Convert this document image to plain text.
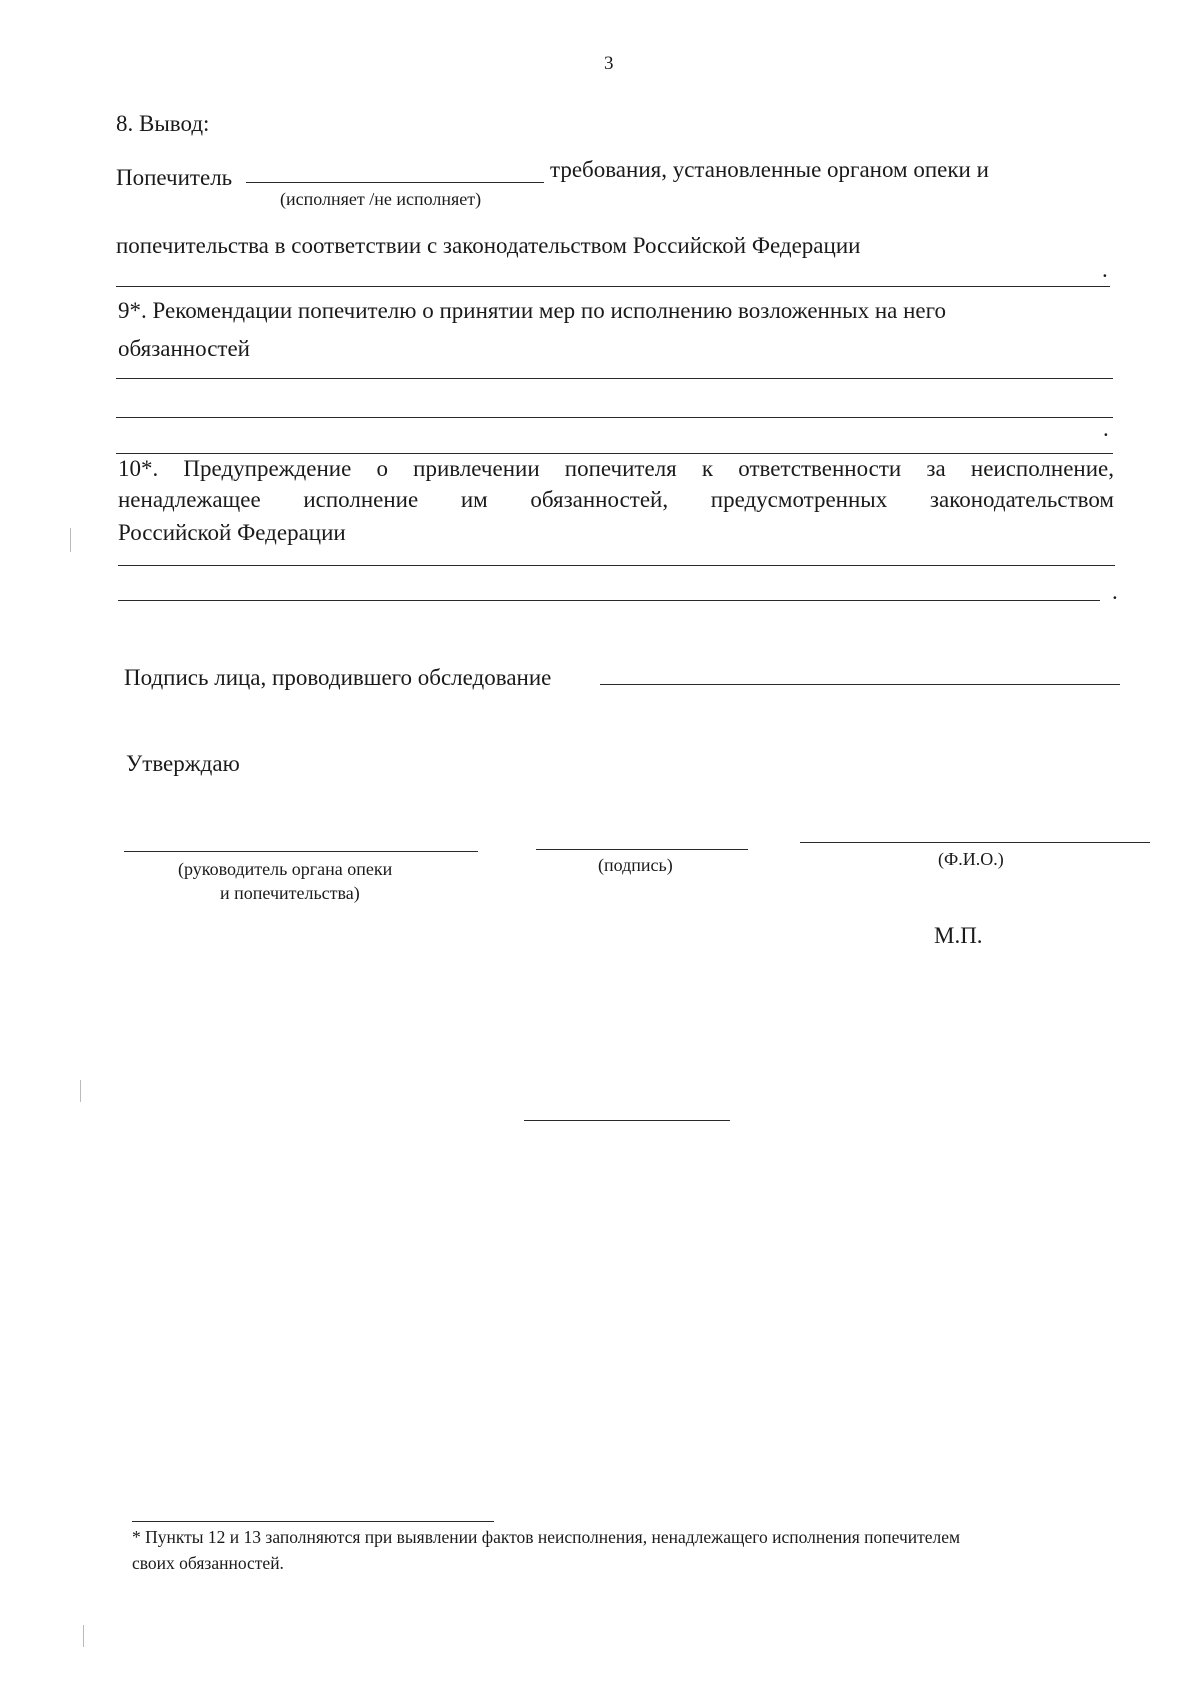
3
8. Вывод:
Попечитель	требования, установленные органом опеки и
(исполняет /не исполняет)
попечительства в соответствии с законодательством Российской Федерации
.
9*. Рекомендации попечителю о принятии мер по исполнению возложенных на него
обязанностей
.
10*. Предупреждение о привлечении попечителя к ответственности за неисполнение,
ненадлежащее исполнение им обязанностей, предусмотренных законодательством
Российской Федерации
.
Подпись лица, проводившего обследование
Утверждаю
(руководитель органа опеки
и попечительства)
(подпись)	(Ф.И.О.)
М.П.
* Пункты 12 и 13 заполняются при выявлении фактов неисполнения, ненадлежащего исполнения попечителем
своих обязанностей.
